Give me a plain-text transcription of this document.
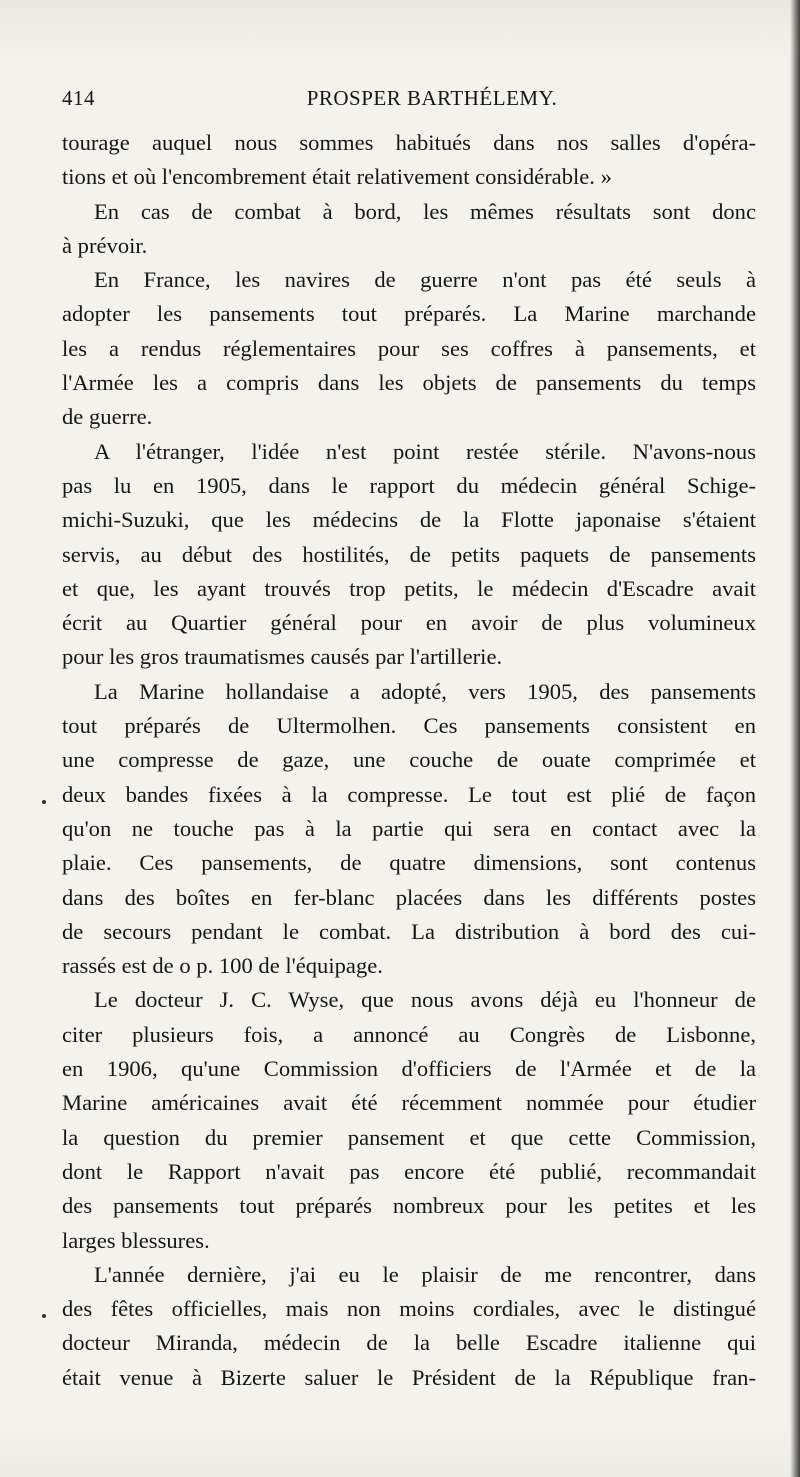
414	PROSPER BARTHÉLEMY.
tourage auquel nous sommes habitués dans nos salles d'opéra-
tions et où l'encombrement était relativement considérable. »
En cas de combat à bord, les mêmes résultats sont donc
à prévoir.
En France, les navires de guerre n'ont pas été seuls à
adopter les pansements tout préparés. La Marine marchande
les a rendus réglementaires pour ses coffres à pansements, et
l'Armée les a compris dans les objets de pansements du temps
de guerre.
A l'étranger, l'idée n'est point restée stérile. N'avons-nous
pas lu en 1905, dans le rapport du médecin général Schige-
michi-Suzuki, que les médecins de la Flotte japonaise s'étaient
servis, au début des hostilités, de petits paquets de pansements
et que, les ayant trouvés trop petits, le médecin d'Escadre avait
écrit au Quartier général pour en avoir de plus volumineux
pour les gros traumatismes causés par l'artillerie.
La Marine hollandaise a adopté, vers 1905, des pansements
tout préparés de Ultermolhen. Ces pansements consistent en
une compresse de gaze, une couche de ouate comprimée et
deux bandes fixées à la compresse. Le tout est plié de façon
qu'on ne touche pas à la partie qui sera en contact avec la
plaie. Ces pansements, de quatre dimensions, sont contenus
dans des boîtes en fer-blanc placées dans les différents postes
de secours pendant le combat. La distribution à bord des cui-
rassés est de o p. 100 de l'équipage.
Le docteur J. C. Wyse, que nous avons déjà eu l'honneur de
citer plusieurs fois, a annoncé au Congrès de Lisbonne,
en 1906, qu'une Commission d'officiers de l'Armée et de la
Marine américaines avait été récemment nommée pour étudier
la question du premier pansement et que cette Commission,
dont le Rapport n'avait pas encore été publié, recommandait
des pansements tout préparés nombreux pour les petites et les
larges blessures.
L'année dernière, j'ai eu le plaisir de me rencontrer, dans
des fêtes officielles, mais non moins cordiales, avec le distingué
docteur Miranda, médecin de la belle Escadre italienne qui
était venue à Bizerte saluer le Président de la République fran-
